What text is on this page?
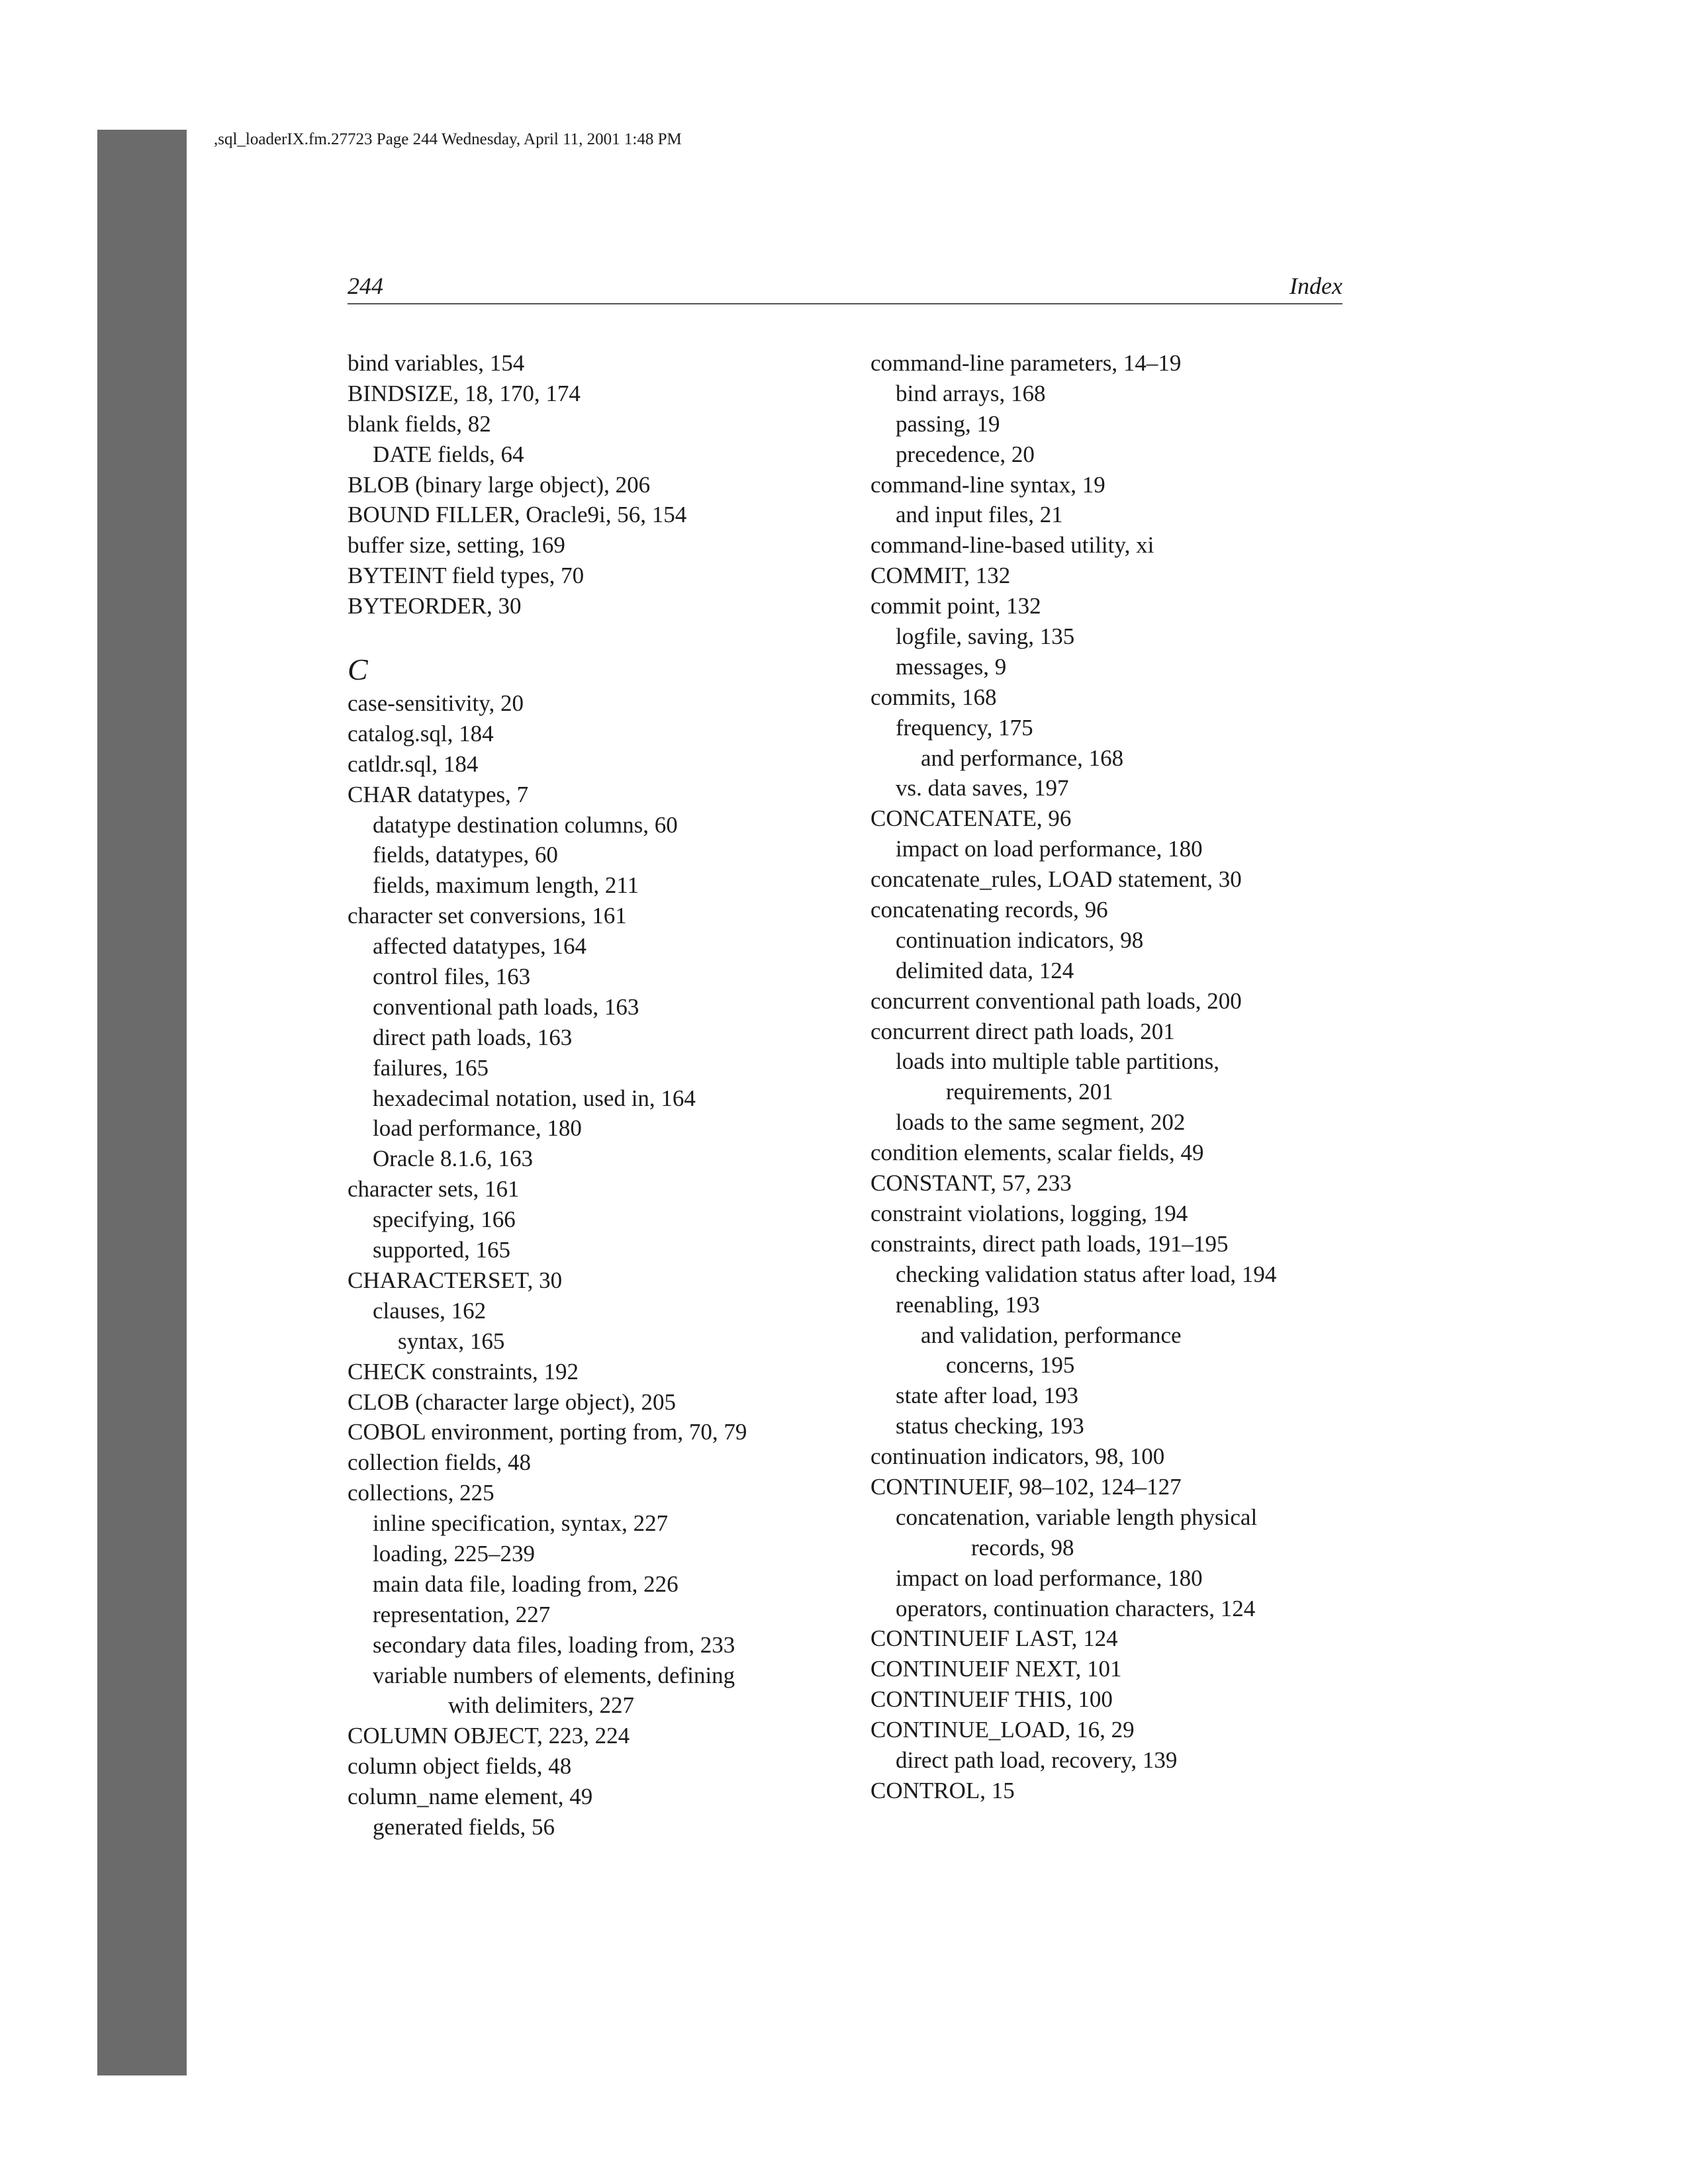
,sql_loaderIX.fm.27723 Page 244 Wednesday, April 11, 2001 1:48 PM
244	Index
bind variables, 154
BINDSIZE, 18, 170, 174
blank fields, 82
DATE fields, 64
BLOB (binary large object), 206
BOUND FILLER, Oracle9i, 56, 154
buffer size, setting, 169
BYTEINT field types, 70
BYTEORDER, 30
C
case-sensitivity, 20
catalog.sql, 184
catldr.sql, 184
CHAR datatypes, 7
datatype destination columns, 60
fields, datatypes, 60
fields, maximum length, 211
character set conversions, 161
affected datatypes, 164
control files, 163
conventional path loads, 163
direct path loads, 163
failures, 165
hexadecimal notation, used in, 164
load performance, 180
Oracle 8.1.6, 163
character sets, 161
specifying, 166
supported, 165
CHARACTERSET, 30
clauses, 162
syntax, 165
CHECK constraints, 192
CLOB (character large object), 205
COBOL environment, porting from, 70, 79
collection fields, 48
collections, 225
inline specification, syntax, 227
loading, 225–239
main data file, loading from, 226
representation, 227
secondary data files, loading from, 233
variable numbers of elements, defining
with delimiters, 227
COLUMN OBJECT, 223, 224
column object fields, 48
column_name element, 49
generated fields, 56
command-line parameters, 14–19
bind arrays, 168
passing, 19
precedence, 20
command-line syntax, 19
and input files, 21
command-line-based utility, xi
COMMIT, 132
commit point, 132
logfile, saving, 135
messages, 9
commits, 168
frequency, 175
and performance, 168
vs. data saves, 197
CONCATENATE, 96
impact on load performance, 180
concatenate_rules, LOAD statement, 30
concatenating records, 96
continuation indicators, 98
delimited data, 124
concurrent conventional path loads, 200
concurrent direct path loads, 201
loads into multiple table partitions,
requirements, 201
loads to the same segment, 202
condition elements, scalar fields, 49
CONSTANT, 57, 233
constraint violations, logging, 194
constraints, direct path loads, 191–195
checking validation status after load, 194
reenabling, 193
and validation, performance
concerns, 195
state after load, 193
status checking, 193
continuation indicators, 98, 100
CONTINUEIF, 98–102, 124–127
concatenation, variable length physical
records, 98
impact on load performance, 180
operators, continuation characters, 124
CONTINUEIF LAST, 124
CONTINUEIF NEXT, 101
CONTINUEIF THIS, 100
CONTINUE_LOAD, 16, 29
direct path load, recovery, 139
CONTROL, 15
